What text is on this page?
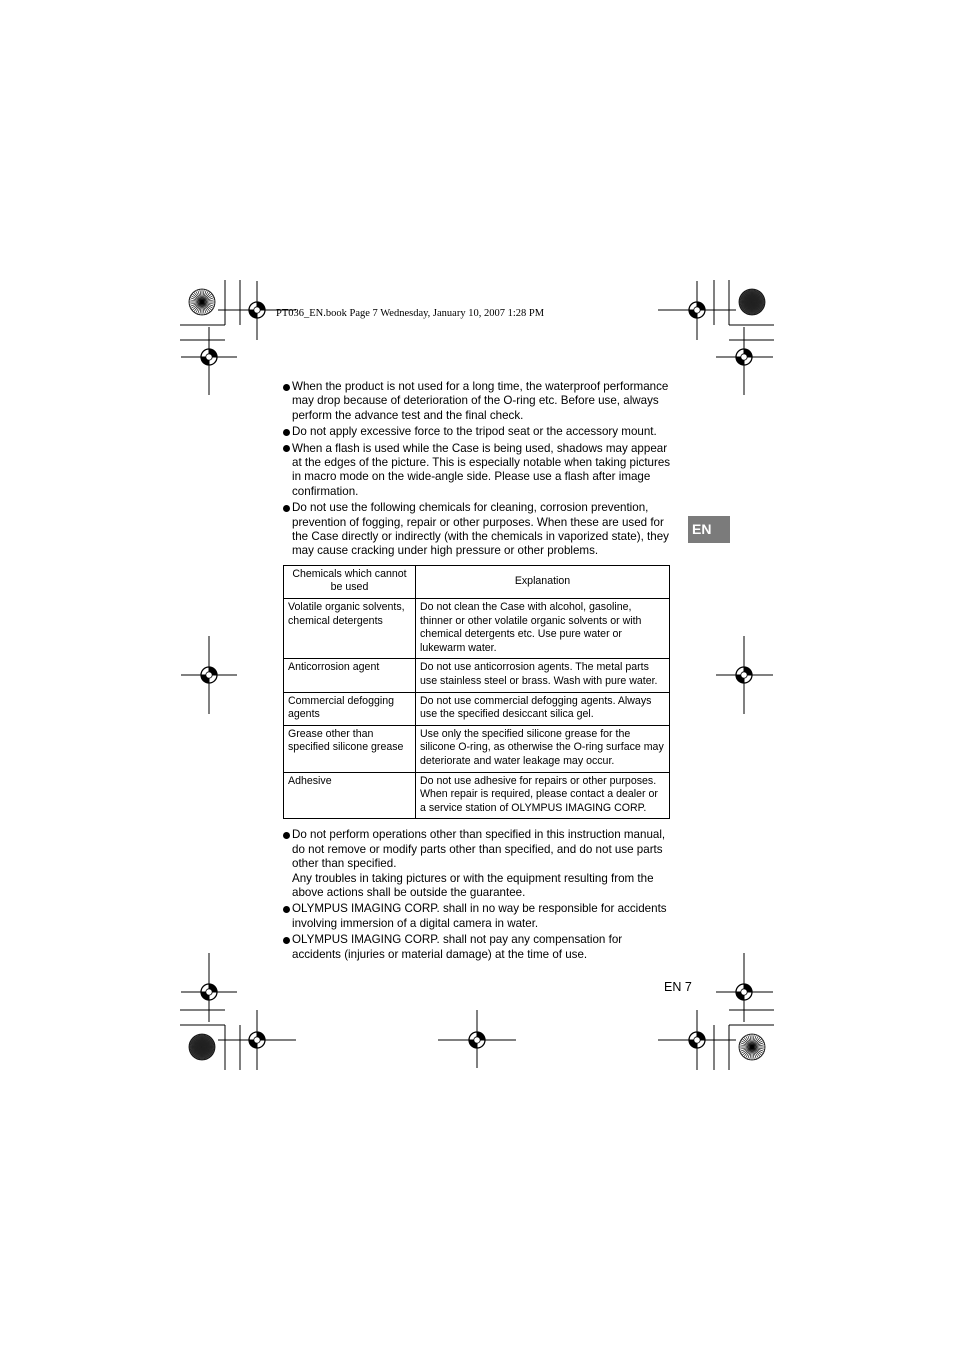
PT036_EN.book Page 7 Wednesday, January 10, 2007 1:28 PM
When the product is not used for a long time, the waterproof performance may drop because of deterioration of the O-ring etc. Before use, always perform the advance test and the final check.
Do not apply excessive force to the tripod seat or the accessory mount.
When a flash is used while the Case is being used, shadows may appear at the edges of the picture. This is especially notable when taking pictures in macro mode on the wide-angle side. Please use a flash after image confirmation.
Do not use the following chemicals for cleaning, corrosion prevention, prevention of fogging, repair or other purposes. When these are used for the Case directly or indirectly (with the chemicals in vaporized state), they may cause cracking under high pressure or other problems.
Chemicals which cannot be used	Explanation
Volatile organic solvents, chemical detergents	Do not clean the Case with alcohol, gasoline, thinner or other volatile organic solvents or with chemical detergents etc. Use pure water or lukewarm water.
Anticorrosion agent	Do not use anticorrosion agents. The metal parts use stainless steel or brass. Wash with pure water.
Commercial defogging agents	Do not use commercial defogging agents. Always use the specified desiccant silica gel.
Grease other than specified silicone grease	Use only the specified silicone grease for the silicone O-ring, as otherwise the O-ring surface may deteriorate and water leakage may occur.
Adhesive	Do not use adhesive for repairs or other purposes. When repair is required, please contact a dealer or a service station of OLYMPUS IMAGING CORP.
Do not perform operations other than specified in this instruction manual, do not remove or modify parts other than specified, and do not use parts other than specified.
Any troubles in taking pictures or with the equipment resulting from the above actions shall be outside the guarantee.
OLYMPUS IMAGING CORP. shall in no way be responsible for accidents involving immersion of a digital camera in water.
OLYMPUS IMAGING CORP. shall not pay any compensation for accidents (injuries or material damage) at the time of use.
EN
EN 7
